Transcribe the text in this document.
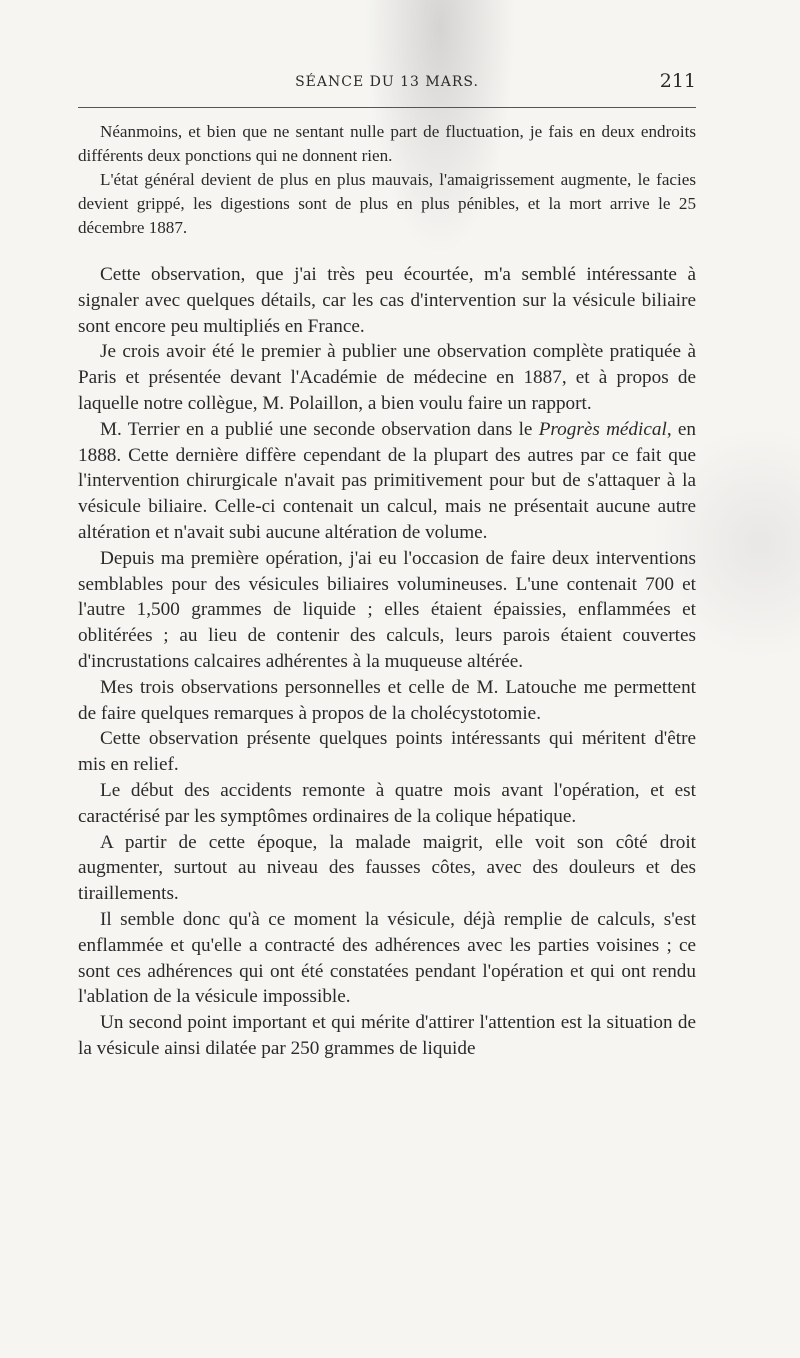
SÉANCE DU 13 MARS.	211

Néanmoins, et bien que ne sentant nulle part de fluctuation, je fais en deux endroits différents deux ponctions qui ne donnent rien.

L'état général devient de plus en plus mauvais, l'amaigrissement augmente, le facies devient grippé, les digestions sont de plus en plus pénibles, et la mort arrive le 25 décembre 1887.

Cette observation, que j'ai très peu écourtée, m'a semblé intéressante à signaler avec quelques détails, car les cas d'intervention sur la vésicule biliaire sont encore peu multipliés en France.

Je crois avoir été le premier à publier une observation complète pratiquée à Paris et présentée devant l'Académie de médecine en 1887, et à propos de laquelle notre collègue, M. Polaillon, a bien voulu faire un rapport.

M. Terrier en a publié une seconde observation dans le Progrès médical, en 1888. Cette dernière diffère cependant de la plupart des autres par ce fait que l'intervention chirurgicale n'avait pas primitivement pour but de s'attaquer à la vésicule biliaire. Celle-ci contenait un calcul, mais ne présentait aucune autre altération et n'avait subi aucune altération de volume.

Depuis ma première opération, j'ai eu l'occasion de faire deux interventions semblables pour des vésicules biliaires volumineuses. L'une contenait 700 et l'autre 1,500 grammes de liquide ; elles étaient épaissies, enflammées et oblitérées ; au lieu de contenir des calculs, leurs parois étaient couvertes d'incrustations calcaires adhérentes à la muqueuse altérée.

Mes trois observations personnelles et celle de M. Latouche me permettent de faire quelques remarques à propos de la cholécystotomie.

Cette observation présente quelques points intéressants qui méritent d'être mis en relief.

Le début des accidents remonte à quatre mois avant l'opération, et est caractérisé par les symptômes ordinaires de la colique hépatique.

A partir de cette époque, la malade maigrit, elle voit son côté droit augmenter, surtout au niveau des fausses côtes, avec des douleurs et des tiraillements.

Il semble donc qu'à ce moment la vésicule, déjà remplie de calculs, s'est enflammée et qu'elle a contracté des adhérences avec les parties voisines ; ce sont ces adhérences qui ont été constatées pendant l'opération et qui ont rendu l'ablation de la vésicule impossible.

Un second point important et qui mérite d'attirer l'attention est la situation de la vésicule ainsi dilatée par 250 grammes de liquide
